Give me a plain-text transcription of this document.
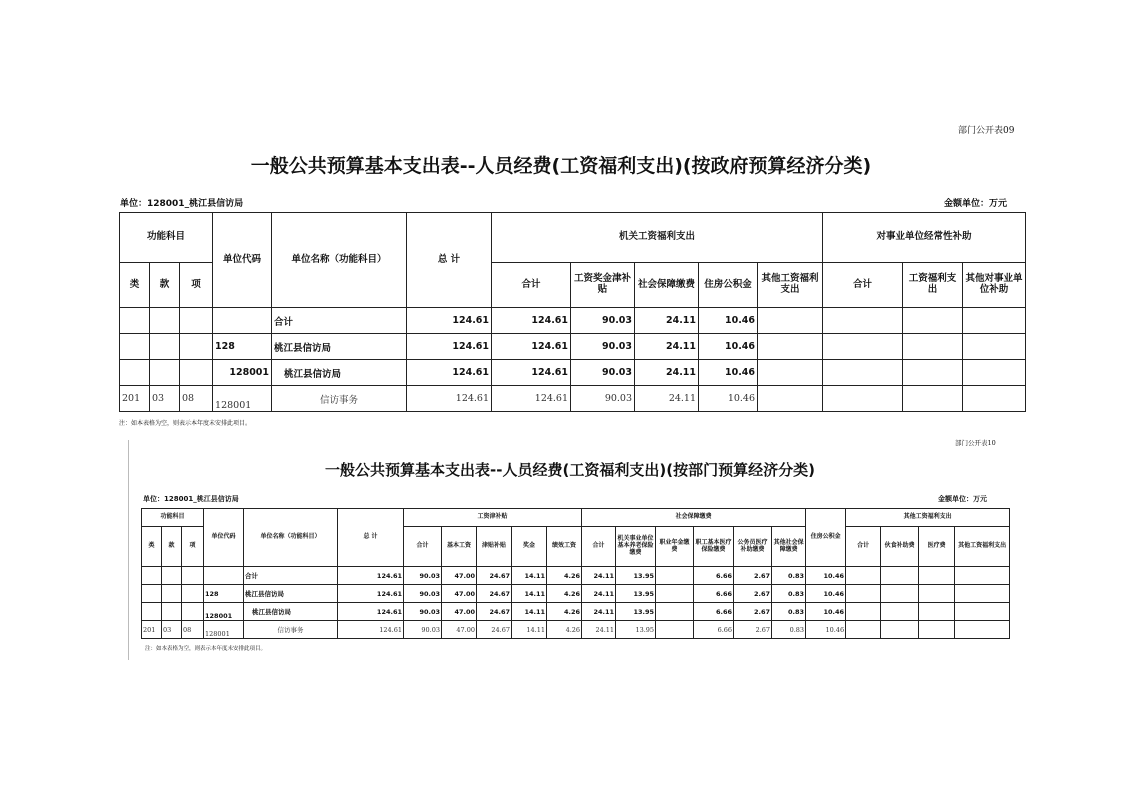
部门公开表09
一般公共预算基本支出表--人员经费(工资福利支出)(按政府预算经济分类)
单位：128001_桃江县信访局	金额单位：万元
功能科目			单位代码	单位名称（功能科目）	总 计	机关工资福利支出					对事业单位经常性补助		
类	款	项				合计	工资奖金津补贴	社会保障缴费	住房公积金	其他工资福利支出	合计	工资福利支出	其他对事业单位补助
				合计	124.61	124.61	90.03	24.11	10.46				
			128	桃江县信访局	124.61	124.61	90.03	24.11	10.46				
			128001	桃江县信访局	124.61	124.61	90.03	24.11	10.46				
201	03	08	128001	信访事务	124.61	124.61	90.03	24.11	10.46				
注：如本表格为空，则表示本年度未安排此项目。
部门公开表10
一般公共预算基本支出表--人员经费(工资福利支出)(按部门预算经济分类)
单位：128001_桃江县信访局	金额单位：万元
功能科目			单位代码	单位名称（功能科目）	总 计	工资津补贴					社会保障缴费						住房公积金	其他工资福利支出			
类	款	项				合计	基本工资	津贴补贴	奖金	绩效工资	合计	机关事业单位基本养老保险缴费	职业年金缴费	职工基本医疗保险缴费	公务员医疗补助缴费	其他社会保障缴费		合计	伙食补助费	医疗费	其他工资福利支出
				合计	124.61	90.03	47.00	24.67	14.11	4.26	24.11	13.95		6.66	2.67	0.83	10.46				
			128	桃江县信访局	124.61	90.03	47.00	24.67	14.11	4.26	24.11	13.95		6.66	2.67	0.83	10.46				
			128001	桃江县信访局	124.61	90.03	47.00	24.67	14.11	4.26	24.11	13.95		6.66	2.67	0.83	10.46				
201	03	08	128001	信访事务	124.61	90.03	47.00	24.67	14.11	4.26	24.11	13.95		6.66	2.67	0.83	10.46				
注：如本表格为空，则表示本年度未安排此项目。
